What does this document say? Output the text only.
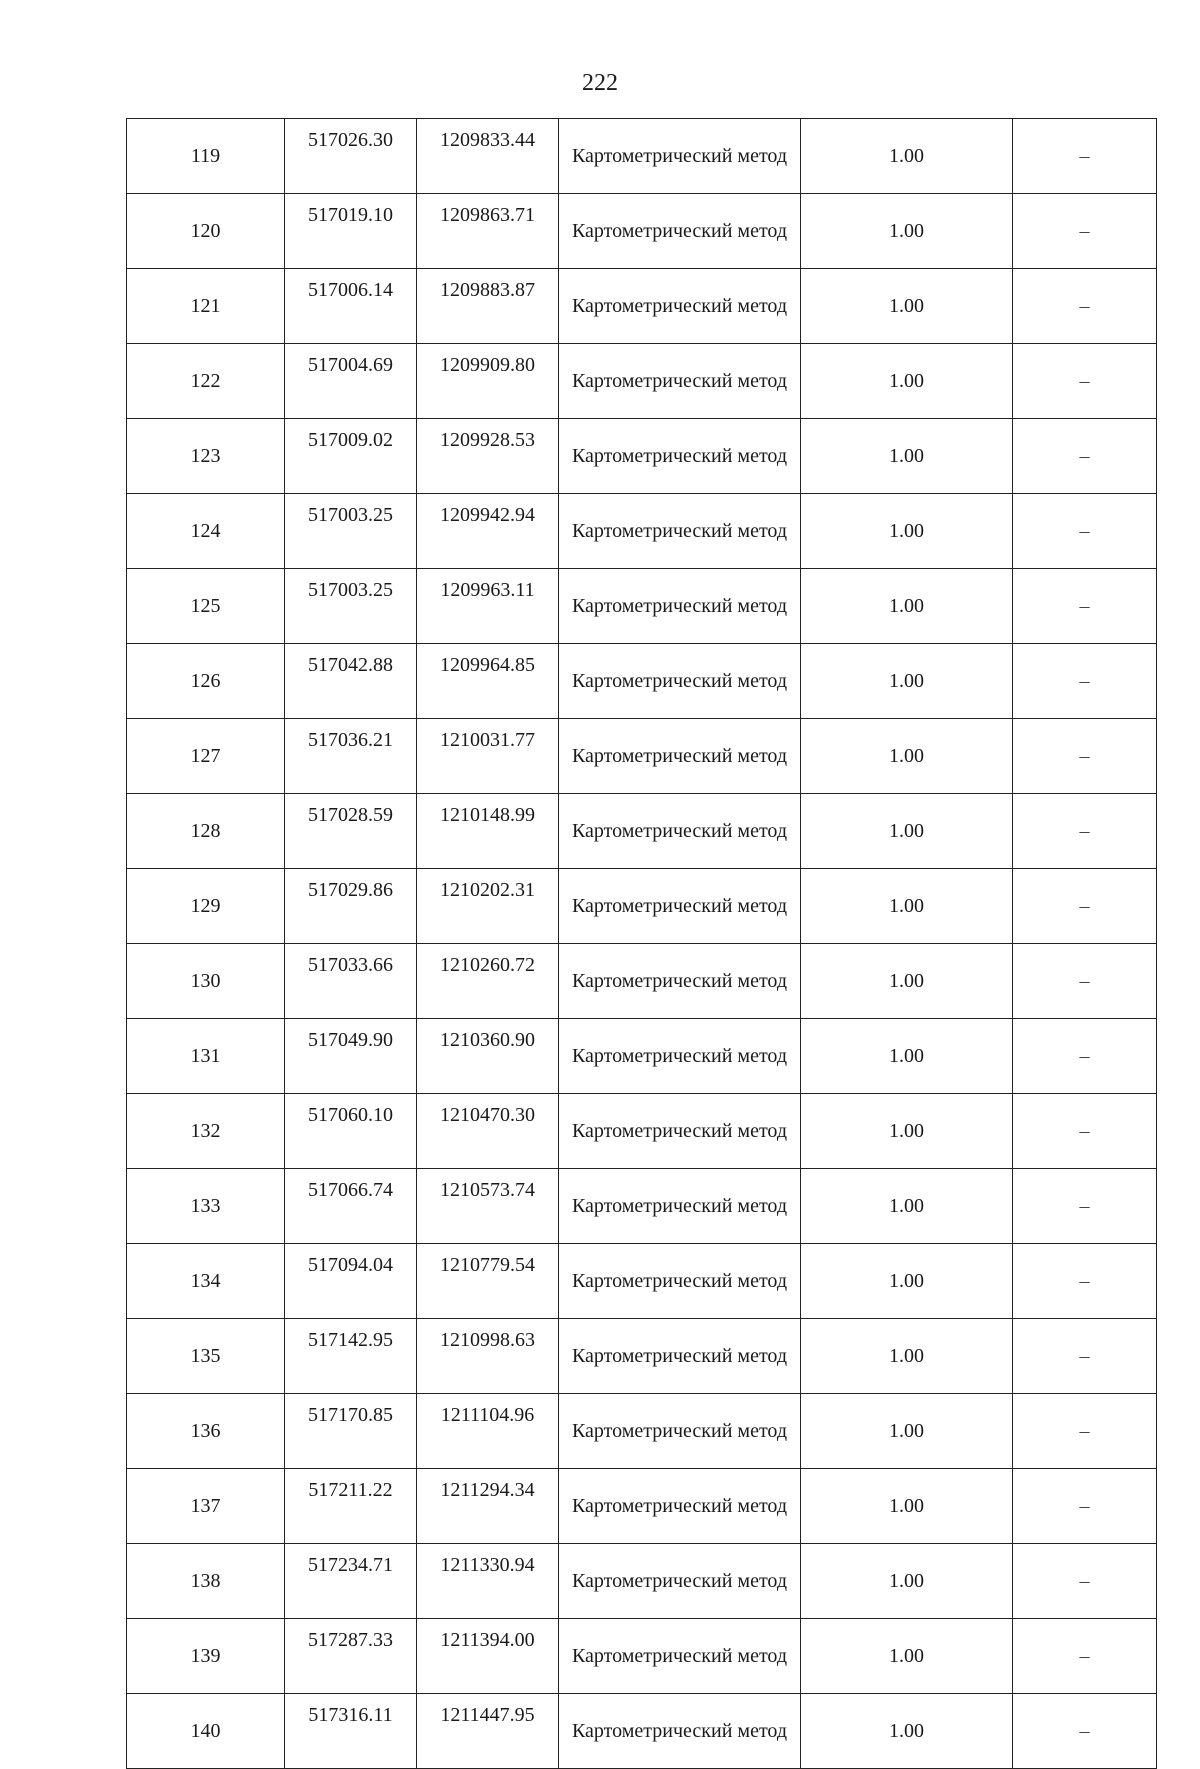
222
119	517026.30	1209833.44	Картометрический метод	1.00	–
120	517019.10	1209863.71	Картометрический метод	1.00	–
121	517006.14	1209883.87	Картометрический метод	1.00	–
122	517004.69	1209909.80	Картометрический метод	1.00	–
123	517009.02	1209928.53	Картометрический метод	1.00	–
124	517003.25	1209942.94	Картометрический метод	1.00	–
125	517003.25	1209963.11	Картометрический метод	1.00	–
126	517042.88	1209964.85	Картометрический метод	1.00	–
127	517036.21	1210031.77	Картометрический метод	1.00	–
128	517028.59	1210148.99	Картометрический метод	1.00	–
129	517029.86	1210202.31	Картометрический метод	1.00	–
130	517033.66	1210260.72	Картометрический метод	1.00	–
131	517049.90	1210360.90	Картометрический метод	1.00	–
132	517060.10	1210470.30	Картометрический метод	1.00	–
133	517066.74	1210573.74	Картометрический метод	1.00	–
134	517094.04	1210779.54	Картометрический метод	1.00	–
135	517142.95	1210998.63	Картометрический метод	1.00	–
136	517170.85	1211104.96	Картометрический метод	1.00	–
137	517211.22	1211294.34	Картометрический метод	1.00	–
138	517234.71	1211330.94	Картометрический метод	1.00	–
139	517287.33	1211394.00	Картометрический метод	1.00	–
140	517316.11	1211447.95	Картометрический метод	1.00	–
